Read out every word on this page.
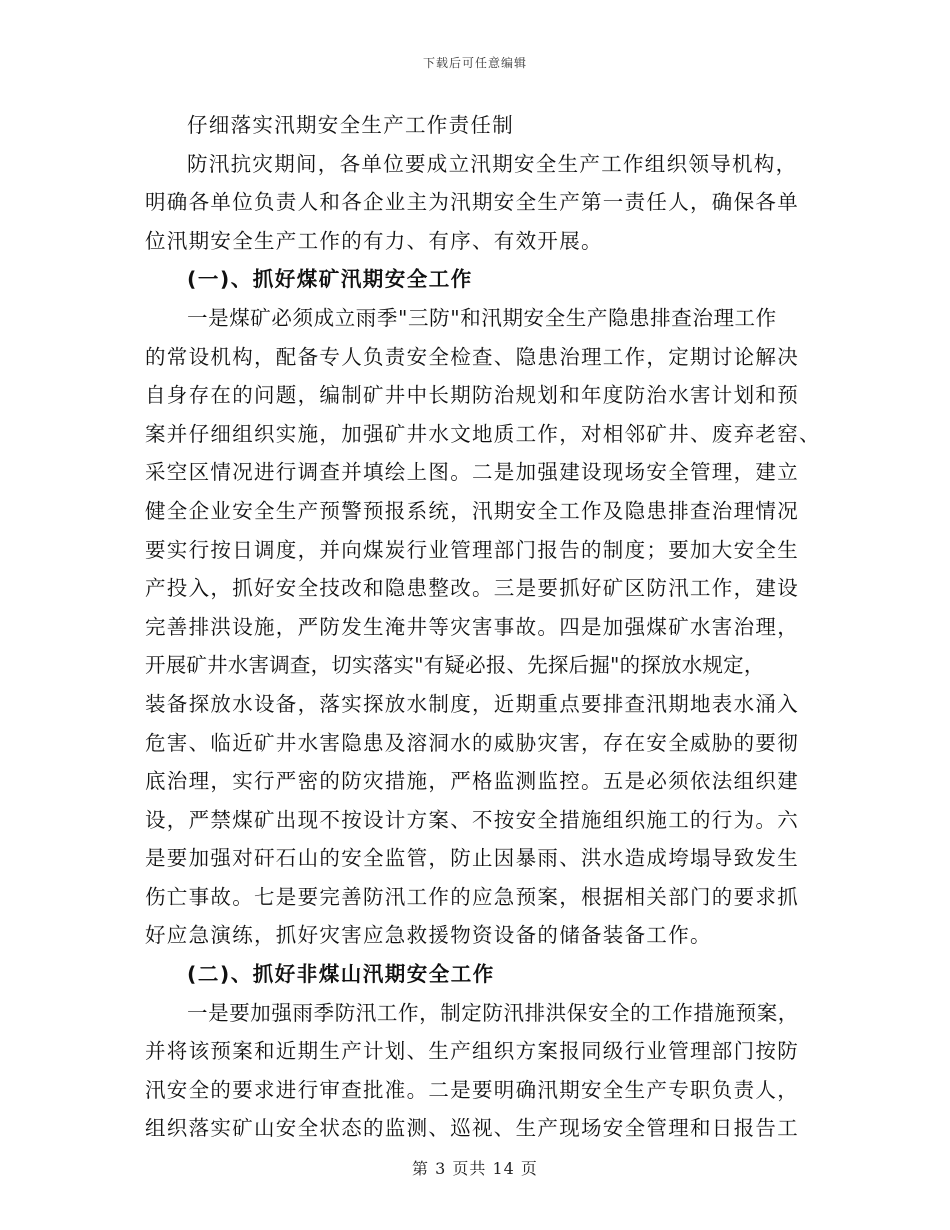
下载后可任意编辑
仔细落实汛期安全生产工作责任制
防汛抗灾期间，各单位要成立汛期安全生产工作组织领导机构，
明确各单位负责人和各企业主为汛期安全生产第一责任人，确保各单
位汛期安全生产工作的有力、有序、有效开展。
(一)、抓好煤矿汛期安全工作
一是煤矿必须成立雨季"三防"和汛期安全生产隐患排查治理工作
的常设机构，配备专人负责安全检查、隐患治理工作，定期讨论解决
自身存在的问题，编制矿井中长期防治规划和年度防治水害计划和预
案并仔细组织实施，加强矿井水文地质工作，对相邻矿井、废弃老窑、
采空区情况进行调查并填绘上图。二是加强建设现场安全管理，建立
健全企业安全生产预警预报系统，汛期安全工作及隐患排查治理情况
要实行按日调度，并向煤炭行业管理部门报告的制度；要加大安全生
产投入，抓好安全技改和隐患整改。三是要抓好矿区防汛工作，建设
完善排洪设施，严防发生淹井等灾害事故。四是加强煤矿水害治理，
开展矿井水害调查，切实落实"有疑必报、先探后掘"的探放水规定，
装备探放水设备，落实探放水制度，近期重点要排查汛期地表水涌入
危害、临近矿井水害隐患及溶洞水的威胁灾害，存在安全威胁的要彻
底治理，实行严密的防灾措施，严格监测监控。五是必须依法组织建
设，严禁煤矿出现不按设计方案、不按安全措施组织施工的行为。六
是要加强对矸石山的安全监管，防止因暴雨、洪水造成垮塌导致发生
伤亡事故。七是要完善防汛工作的应急预案，根据相关部门的要求抓
好应急演练，抓好灾害应急救援物资设备的储备装备工作。
(二)、抓好非煤山汛期安全工作
一是要加强雨季防汛工作，制定防汛排洪保安全的工作措施预案，
并将该预案和近期生产计划、生产组织方案报同级行业管理部门按防
汛安全的要求进行审查批准。二是要明确汛期安全生产专职负责人，
组织落实矿山安全状态的监测、巡视、生产现场安全管理和日报告工
第 3 页共 14 页
